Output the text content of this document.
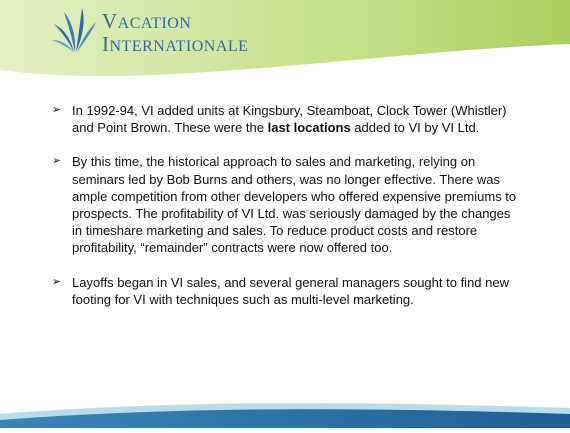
VACATION
INTERNATIONALE

➢ In 1992-94, VI added units at Kingsbury, Steamboat, Clock Tower (Whistler) and Point Brown. These were the last locations added to VI by VI Ltd.

➢ By this time, the historical approach to sales and marketing, relying on seminars led by Bob Burns and others, was no longer effective. There was ample competition from other developers who offered expensive premiums to prospects. The profitability of VI Ltd. was seriously damaged by the changes in timeshare marketing and sales. To reduce product costs and restore profitability, “remainder” contracts were now offered too.

➢ Layoffs began in VI sales, and several general managers sought to find new footing for VI with techniques such as multi-level marketing.
